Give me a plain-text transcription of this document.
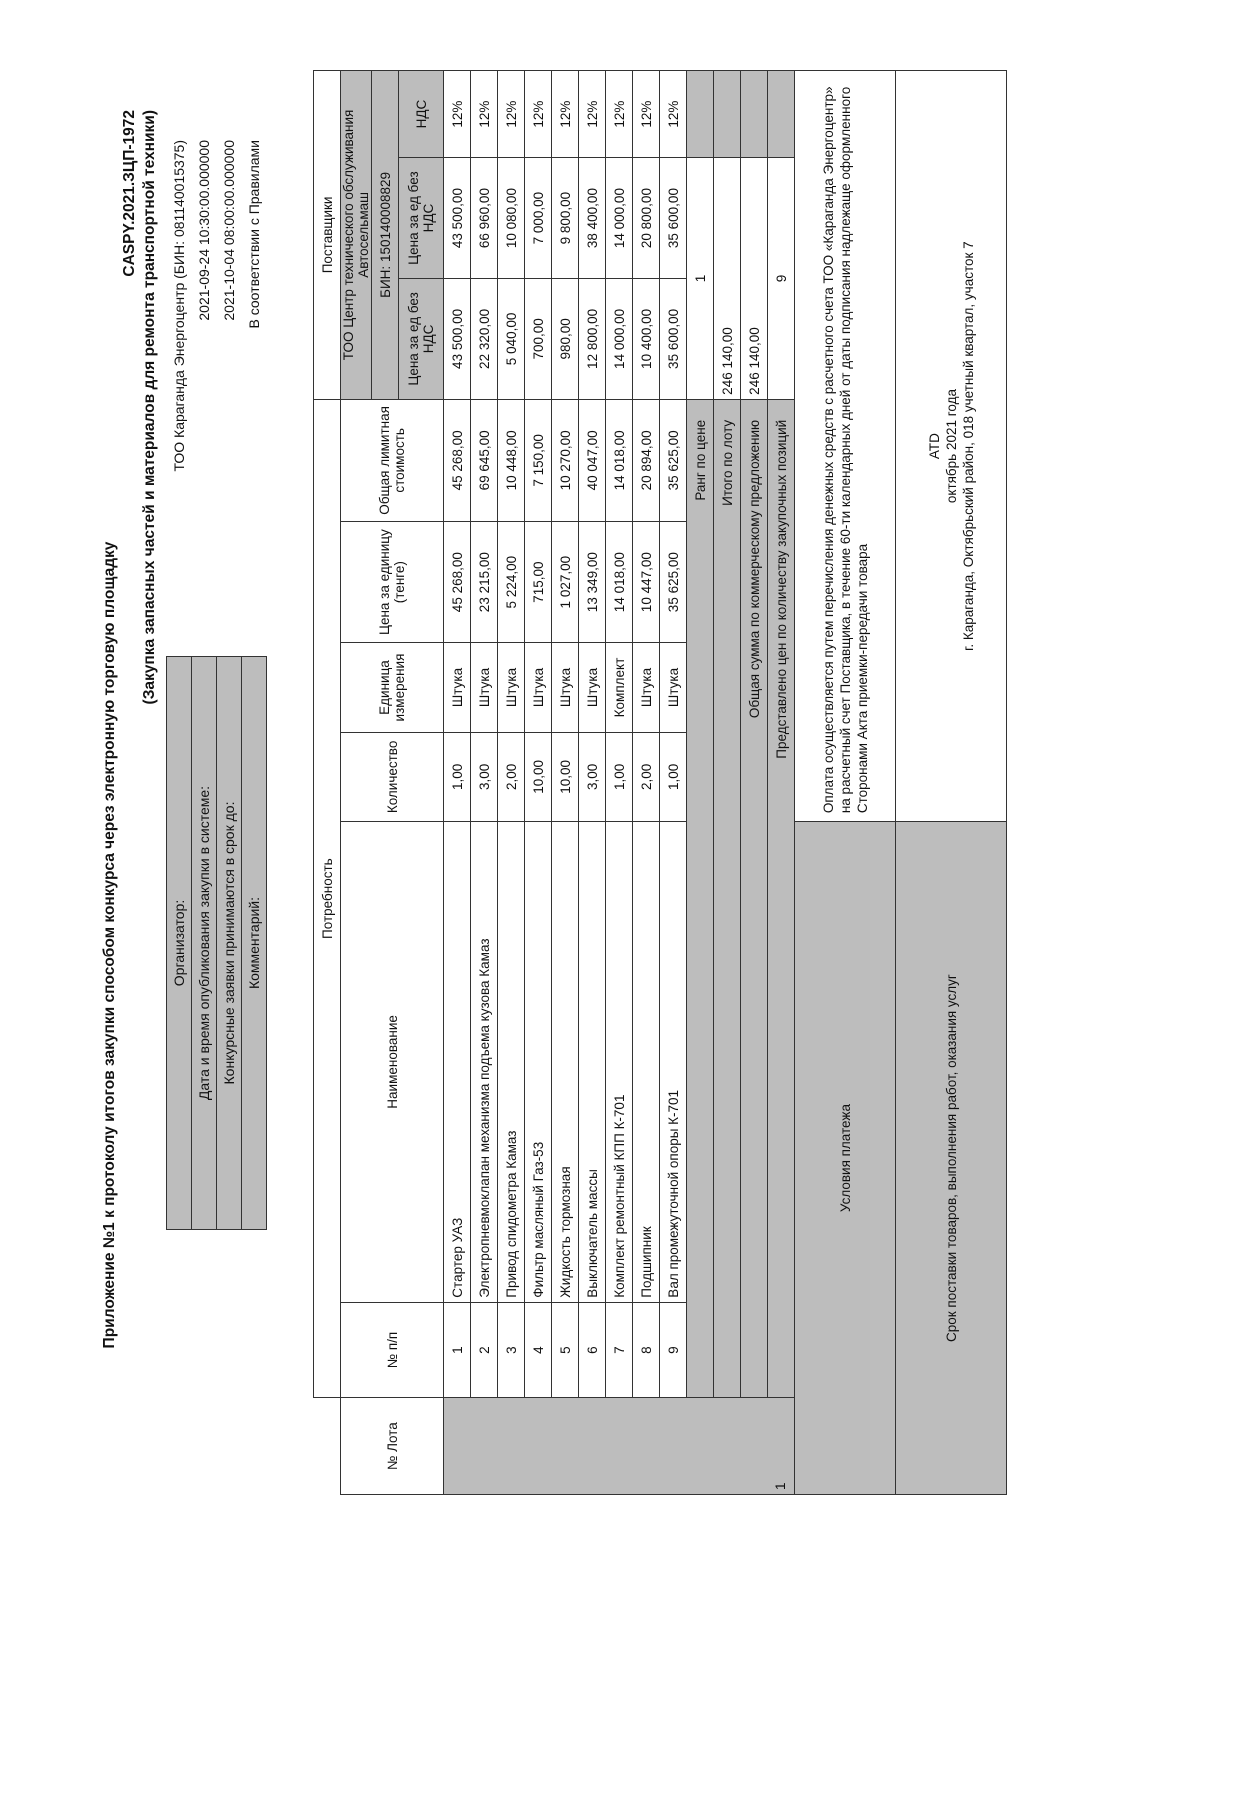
Приложение №1 к протоколу итогов закупки способом конкурса через электронную торговую площадку
CASPY.2021.ЗЦП-1972 (Закупка запасных частей и материалов для ремонта транспортной техники)
Организатор:	ТОО Караганда Энергоцентр (БИН: 081140015375)
Дата и время опубликования закупки в системе:	2021-09-24 10:30:00.000000
Конкурсные заявки принимаются в срок до:	2021-10-04 08:00:00.000000
Комментарий:	В соответствии с Правилами
	Потребность						Поставщики		
№ Лота	№ п/п	Наименование	Количество	Единица измерения	Цена за единицу (тенге)	Общая лимитная стоимость	ТОО Центр технического обслуживания Автосельмаш		
							БИН: 150140008829		
							Цена за ед без НДС	Цена за ед без НДС	НДС
1	1	Стартер УАЗ	1,00	Штука	45 268,00	45 268,00	43 500,00	43 500,00	12%
	2	Электропневмоклапан механизма подъема кузова Камаз	3,00	Штука	23 215,00	69 645,00	22 320,00	66 960,00	12%
	3	Привод спидометра Камаз	2,00	Штука	5 224,00	10 448,00	5 040,00	10 080,00	12%
	4	Фильтр масляный Газ-53	10,00	Штука	715,00	7 150,00	700,00	7 000,00	12%
	5	Жидкость тормозная	10,00	Штука	1 027,00	10 270,00	980,00	9 800,00	12%
	6	Выключатель массы	3,00	Штука	13 349,00	40 047,00	12 800,00	38 400,00	12%
	7	Комплект ремонтный КПП К-701	1,00	Комплект	14 018,00	14 018,00	14 000,00	14 000,00	12%
	8	Подшипник	2,00	Штука	10 447,00	20 894,00	10 400,00	20 800,00	12%
	9	Вал промежуточной опоры К-701	1,00	Штука	35 625,00	35 625,00	35 600,00	35 600,00	12%
	Ранг по цене						1		
	Итого по лоту						246 140,00		
	Общая сумма по коммерческому предложению						246 140,00		
	Представлено цен по количеству закупочных позиций						9		
Условия платежа			Оплата осуществляется путем перечисления денежных средств с расчетного счета ТОО «Караганда Энергоцентр» на расчетный счет Поставщика, в течение 60-ти календарных дней от даты подписания надлежаще оформленного Сторонами Акта приемки-передачи товара						
Срок поставки товаров, выполнения работ, оказания услуг			АТD октябрь 2021 года г. Караганда, Октябрьский район, 018 учетный квартал, участок 7						
